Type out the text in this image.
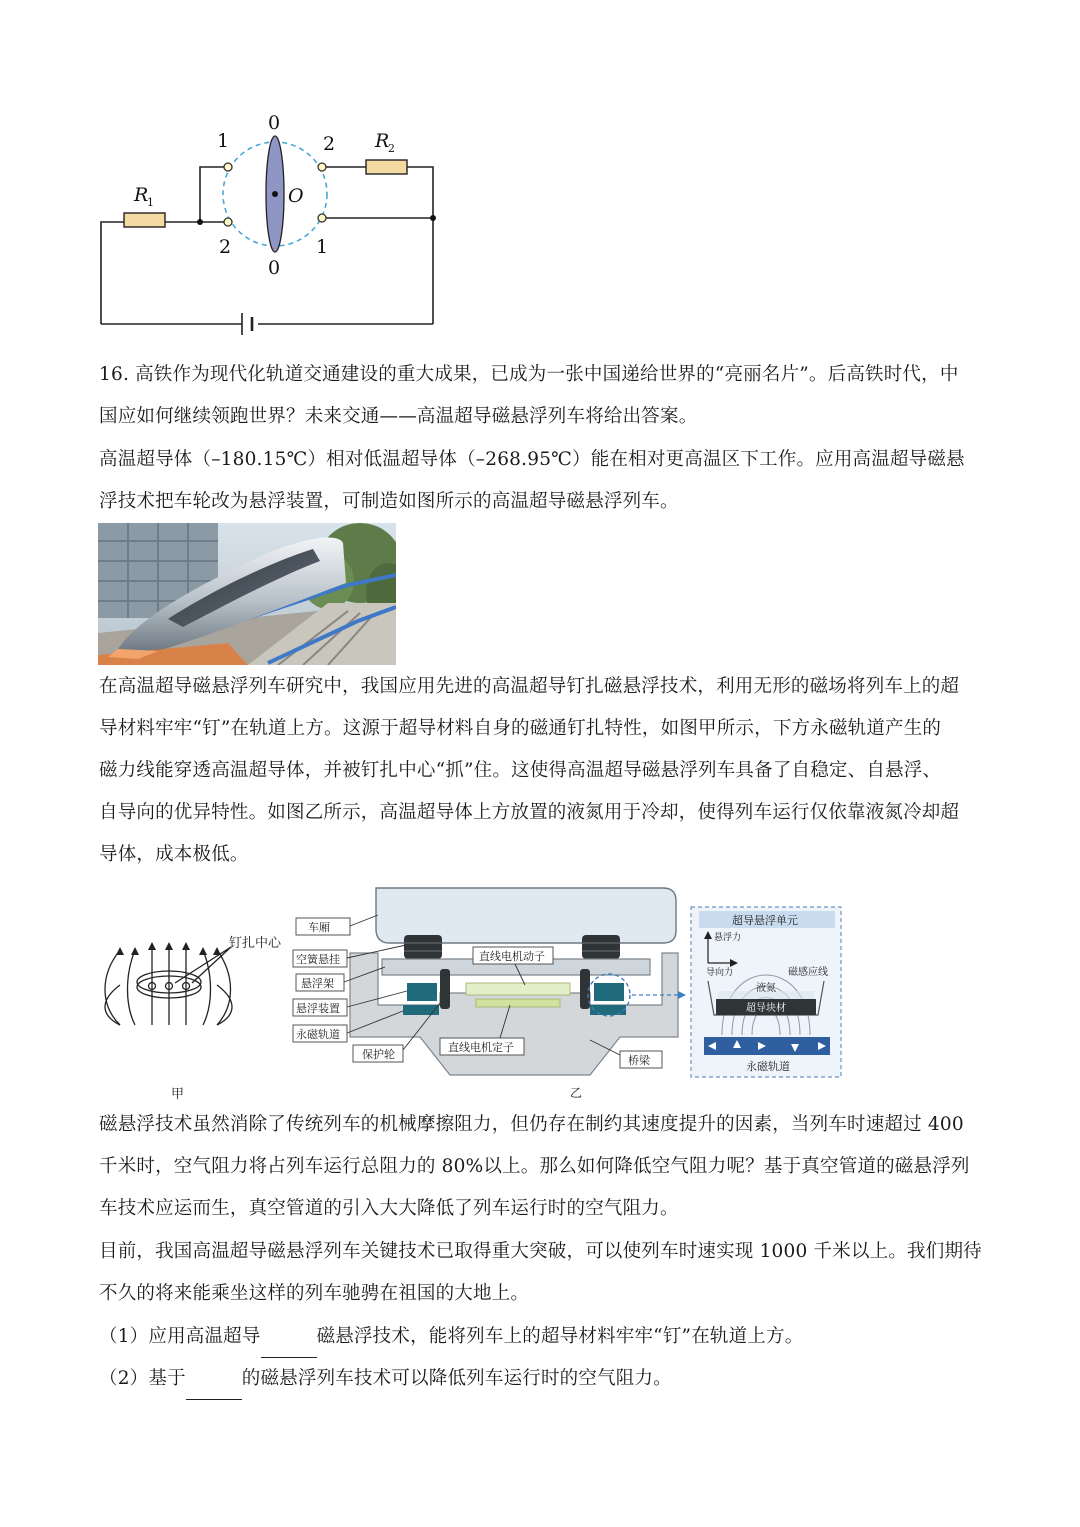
0
0
1
2
2
1
O
R
1
R
2
16. 高铁作为现代化轨道交通建设的重大成果，已成为一张中国递给世界的“亮丽名片”。后高铁时代，中
国应如何继续领跑世界？未来交通——高温超导磁悬浮列车将给出答案。
高温超导体（–180.15℃）相对低温超导体（–268.95℃）能在相对更高温区下工作。应用高温超导磁悬
浮技术把车轮改为悬浮装置，可制造如图所示的高温超导磁悬浮列车。
在高温超导磁悬浮列车研究中，我国应用先进的高温超导钉扎磁悬浮技术，利用无形的磁场将列车上的超
导材料牢牢“钉”在轨道上方。这源于超导材料自身的磁通钉扎特性，如图甲所示，下方永磁轨道产生的
磁力线能穿透高温超导体，并被钉扎中心“抓”住。这使得高温超导磁悬浮列车具备了自稳定、自悬浮、
自导向的优异特性。如图乙所示，高温超导体上方放置的液氮用于冷却，使得列车运行仅依靠液氮冷却超
导体，成本极低。
钉扎中心
甲
车厢
空簧悬挂
悬浮架
悬浮装置
永磁轨道
保护轮
直线电机动子
直线电机定子
桥梁
超导悬浮单元
悬浮力
导向力	磁感应线
液氮
超导块材
永磁轨道
乙
磁悬浮技术虽然消除了传统列车的机械摩擦阻力，但仍存在制约其速度提升的因素，当列车时速超过 400
千米时，空气阻力将占列车运行总阻力的 80%以上。那么如何降低空气阻力呢？基于真空管道的磁悬浮列
车技术应运而生，真空管道的引入大大降低了列车运行时的空气阻力。
目前，我国高温超导磁悬浮列车关键技术已取得重大突破，可以使列车时速实现 1000 千米以上。我们期待
不久的将来能乘坐这样的列车驰骋在祖国的大地上。
（1）应用高温超导	磁悬浮技术，能将列车上的超导材料牢牢“钉”在轨道上方。
（2）基于	的磁悬浮列车技术可以降低列车运行时的空气阻力。
